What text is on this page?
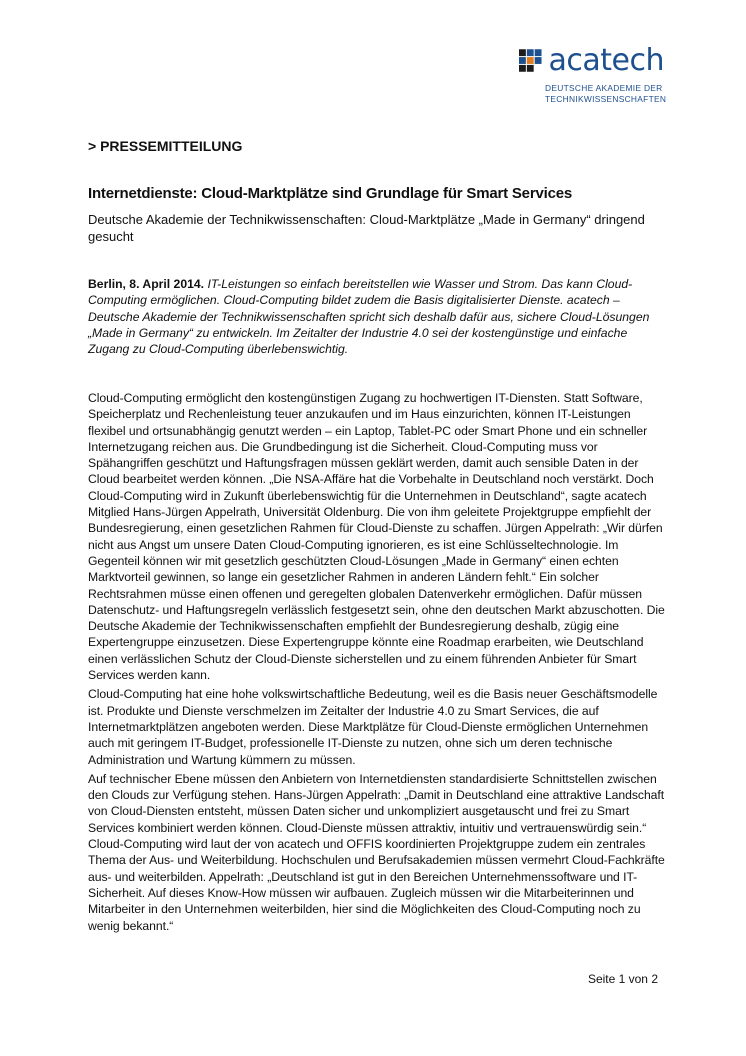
acatech
DEUTSCHE AKADEMIE DER
TECHNIKWISSENSCHAFTEN
> PRESSEMITTEILUNG
Internetdienste: Cloud-Marktplätze sind Grundlage für Smart Services
Deutsche Akademie der Technikwissenschaften: Cloud-Marktplätze „Made in Germany“ dringend gesucht
Berlin, 8. April 2014. IT-Leistungen so einfach bereitstellen wie Wasser und Strom. Das kann Cloud-Computing ermöglichen. Cloud-Computing bildet zudem die Basis digitalisierter Dienste. acatech – Deutsche Akademie der Technikwissenschaften spricht sich deshalb dafür aus, sichere Cloud-Lösungen „Made in Germany“ zu entwickeln. Im Zeitalter der Industrie 4.0 sei der kostengünstige und einfache Zugang zu Cloud-Computing überlebenswichtig.

Cloud-Computing ermöglicht den kostengünstigen Zugang zu hochwertigen IT-Diensten. Statt Software, Speicherplatz und Rechenleistung teuer anzukaufen und im Haus einzurichten, können IT-Leistungen flexibel und ortsunabhängig genutzt werden – ein Laptop, Tablet-PC oder Smart Phone und ein schneller Internetzugang reichen aus. Die Grundbedingung ist die Sicherheit. Cloud-Computing muss vor Spähangriffen geschützt und Haftungsfragen müssen geklärt werden, damit auch sensible Daten in der Cloud bearbeitet werden können. „Die NSA-Affäre hat die Vorbehalte in Deutschland noch verstärkt. Doch Cloud-Computing wird in Zukunft überlebenswichtig für die Unternehmen in Deutschland“, sagte acatech Mitglied Hans-Jürgen Appelrath, Universität Oldenburg. Die von ihm geleitete Projektgruppe empfiehlt der Bundesregierung, einen gesetzlichen Rahmen für Cloud-Dienste zu schaffen. Jürgen Appelrath: „Wir dürfen nicht aus Angst um unsere Daten Cloud-Computing ignorieren, es ist eine Schlüsseltechnologie. Im Gegenteil können wir mit gesetzlich geschützten Cloud-Lösungen „Made in Germany“ einen echten Marktvorteil gewinnen, so lange ein gesetzlicher Rahmen in anderen Ländern fehlt.“ Ein solcher Rechtsrahmen müsse einen offenen und geregelten globalen Datenverkehr ermöglichen. Dafür müssen Datenschutz- und Haftungsregeln verlässlich festgesetzt sein, ohne den deutschen Markt abzuschotten. Die Deutsche Akademie der Technikwissenschaften empfiehlt der Bundesregierung deshalb, zügig eine Expertengruppe einzusetzen. Diese Expertengruppe könnte eine Roadmap erarbeiten, wie Deutschland einen verlässlichen Schutz der Cloud-Dienste sicherstellen und zu einem führenden Anbieter für Smart Services werden kann.

Cloud-Computing hat eine hohe volkswirtschaftliche Bedeutung, weil es die Basis neuer Geschäftsmodelle ist. Produkte und Dienste verschmelzen im Zeitalter der Industrie 4.0 zu Smart Services, die auf Internetmarktplätzen angeboten werden. Diese Marktplätze für Cloud-Dienste ermöglichen Unternehmen auch mit geringem IT-Budget, professionelle IT-Dienste zu nutzen, ohne sich um deren technische Administration und Wartung kümmern zu müssen.

Auf technischer Ebene müssen den Anbietern von Internetdiensten standardisierte Schnittstellen zwischen den Clouds zur Verfügung stehen. Hans-Jürgen Appelrath: „Damit in Deutschland eine attraktive Landschaft von Cloud-Diensten entsteht, müssen Daten sicher und unkompliziert ausgetauscht und frei zu Smart Services kombiniert werden können. Cloud-Dienste müssen attraktiv, intuitiv und vertrauenswürdig sein.“ Cloud-Computing wird laut der von acatech und OFFIS koordinierten Projektgruppe zudem ein zentrales Thema der Aus- und Weiterbildung. Hochschulen und Berufsakademien müssen vermehrt Cloud-Fachkräfte aus- und weiterbilden. Appelrath: „Deutschland ist gut in den Bereichen Unternehmenssoftware und IT-Sicherheit. Auf dieses Know-How müssen wir aufbauen. Zugleich müssen wir die Mitarbeiterinnen und Mitarbeiter in den Unternehmen weiterbilden, hier sind die Möglichkeiten des Cloud-Computing noch zu wenig bekannt.“

Seite 1 von 2
